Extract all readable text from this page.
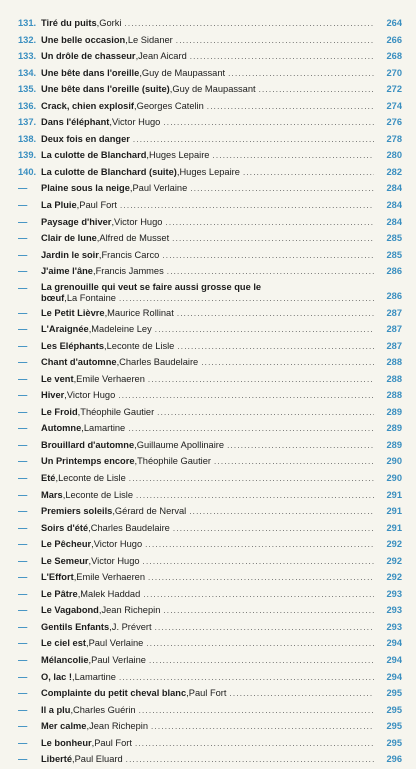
131. Tiré du puits , Gorki .....	264
132. Une belle occasion , Le Sidaner .....	266
133. Un drôle de chasseur , Jean Aicard .....	268
134. Une bête dans l'oreille , Guy de Maupassant .....	270
135. Une bête dans l'oreille (suite) , Guy de Maupassant .....	272
136. Crack, chien explosif , Georges Catelin .....	274
137. Dans l'éléphant , Victor Hugo .....	276
138. Deux fois en danger .....	278
139. La culotte de Blanchard , Huges Lepaire .....	280
140. La culotte de Blanchard (suite) , Huges Lepaire .....	282
—	Plaine sous la neige , Paul Verlaine .....	284
—	La Pluie , Paul Fort .....	284
—	Paysage d'hiver , Victor Hugo .....	284
—	Clair de lune , Alfred de Musset .....	285
—	Jardin le soir , Francis Carco .....	285
—	J'aime l'âne , Francis Jammes .....	286
—	La grenouille qui veut se faire aussi grosse que le
bœuf , La Fontaine .....	286
—	Le Petit Lièvre , Maurice Rollinat .....	287
—	L'Araignée , Madeleine Ley .....	287
—	Les Eléphants , Leconte de Lisle .....	287
—	Chant d'automne , Charles Baudelaire .....	288
—	Le vent , Emile Verhaeren .....	288
—	Hiver , Victor Hugo .....	288
—	Le Froid , Théophile Gautier .....	289
—	Automne , Lamartine .....	289
—	Brouillard d'automne , Guillaume Apollinaire .....	289
—	Un Printemps encore , Théophile Gautier .....	290
—	Eté , Leconte de Lisle .....	290
—	Mars , Leconte de Lisle .....	291
—	Premiers soleils , Gérard de Nerval .....	291
—	Soirs d'été , Charles Baudelaire .....	291
—	Le Pêcheur , Victor Hugo .....	292
—	Le Semeur , Victor Hugo .....	292
—	L'Effort , Emile Verhaeren .....	292
—	Le Pâtre , Malek Haddad .....	293
—	Le Vagabond , Jean Richepin .....	293
—	Gentils Enfants , J. Prévert .....	293
—	Le ciel est , Paul Verlaine .....	294
—	Mélancolie , Paul Verlaine .....	294
—	O, lac ! , Lamartine .....	294
—	Complainte du petit cheval blanc , Paul Fort .....	295
—	Il a plu , Charles Guérin .....	295
—	Mer calme , Jean Richepin .....	295
—	Le bonheur , Paul Fort .....	295
—	Liberté , Paul Eluard .....	296
